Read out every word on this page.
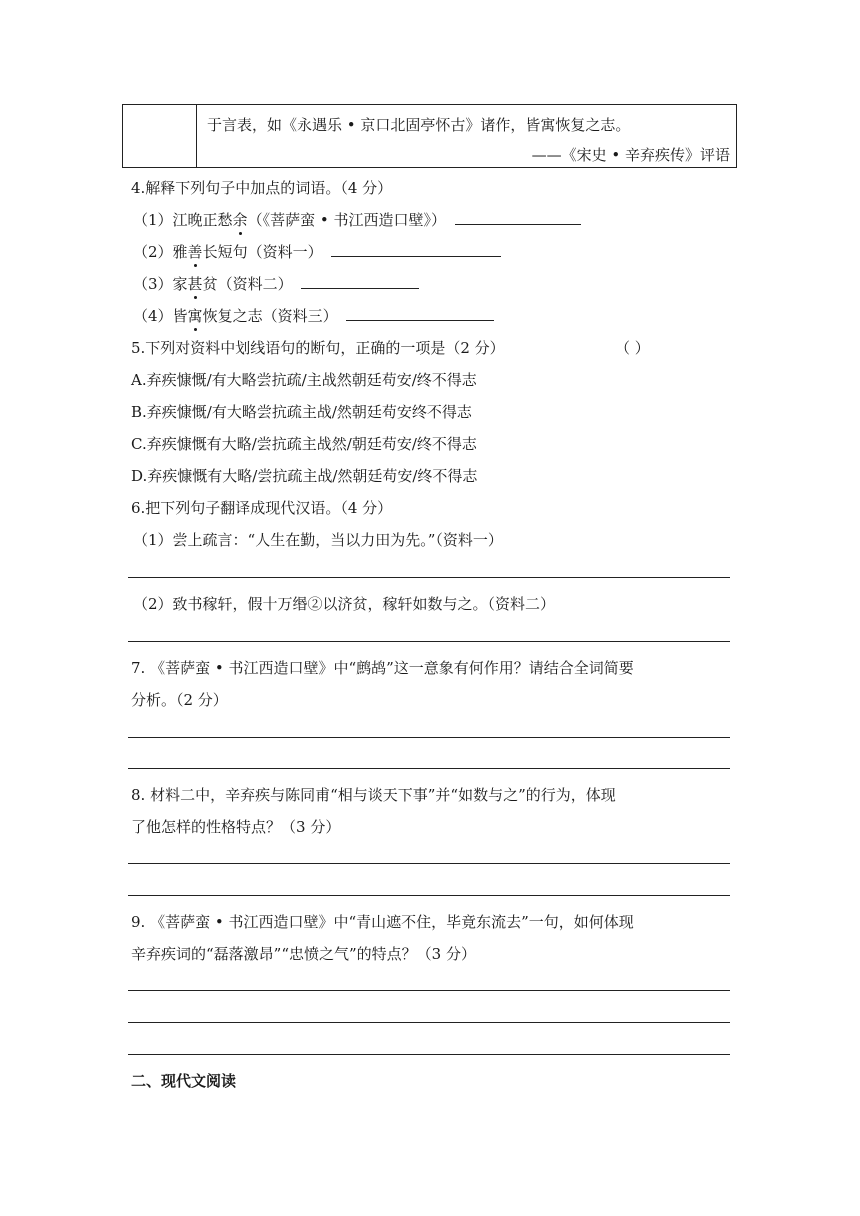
于言表，如《永遇乐 • 京口北固亭怀古》诸作，皆寓恢复之志。
——《宋史 • 辛弃疾传》评语
4.解释下列句子中加点的词语。（4 分）
（1）江晚正愁余（《菩萨蛮 • 书江西造口壁》）
（2）雅善长短句（资料一）
（3）家甚贫（资料二）
（4）皆寓恢复之志（资料三）
5.下列对资料中划线语句的断句，正确的一项是（2 分）	（ ）
A.弃疾慷慨/有大略尝抗疏/主战然朝廷苟安/终不得志
B.弃疾慷慨/有大略尝抗疏主战/然朝廷苟安终不得志
C.弃疾慷慨有大略/尝抗疏主战然/朝廷苟安/终不得志
D.弃疾慷慨有大略/尝抗疏主战/然朝廷苟安/终不得志
6.把下列句子翻译成现代汉语。（4 分）
（1）尝上疏言：“人生在勤，当以力田为先。”（资料一）
（2）致书稼轩，假十万缗②以济贫，稼轩如数与之。（资料二）
7. 《菩萨蛮 • 书江西造口壁》中“鹧鸪”这一意象有何作用？请结合全词简要
分析。（2 分）
8. 材料二中，辛弃疾与陈同甫“相与谈天下事”并“如数与之”的行为，体现
了他怎样的性格特点？（3 分）
9. 《菩萨蛮 • 书江西造口壁》中“青山遮不住，毕竟东流去”一句，如何体现
辛弃疾词的“磊落激昂”“忠愤之气”的特点？（3 分）
二、现代文阅读
